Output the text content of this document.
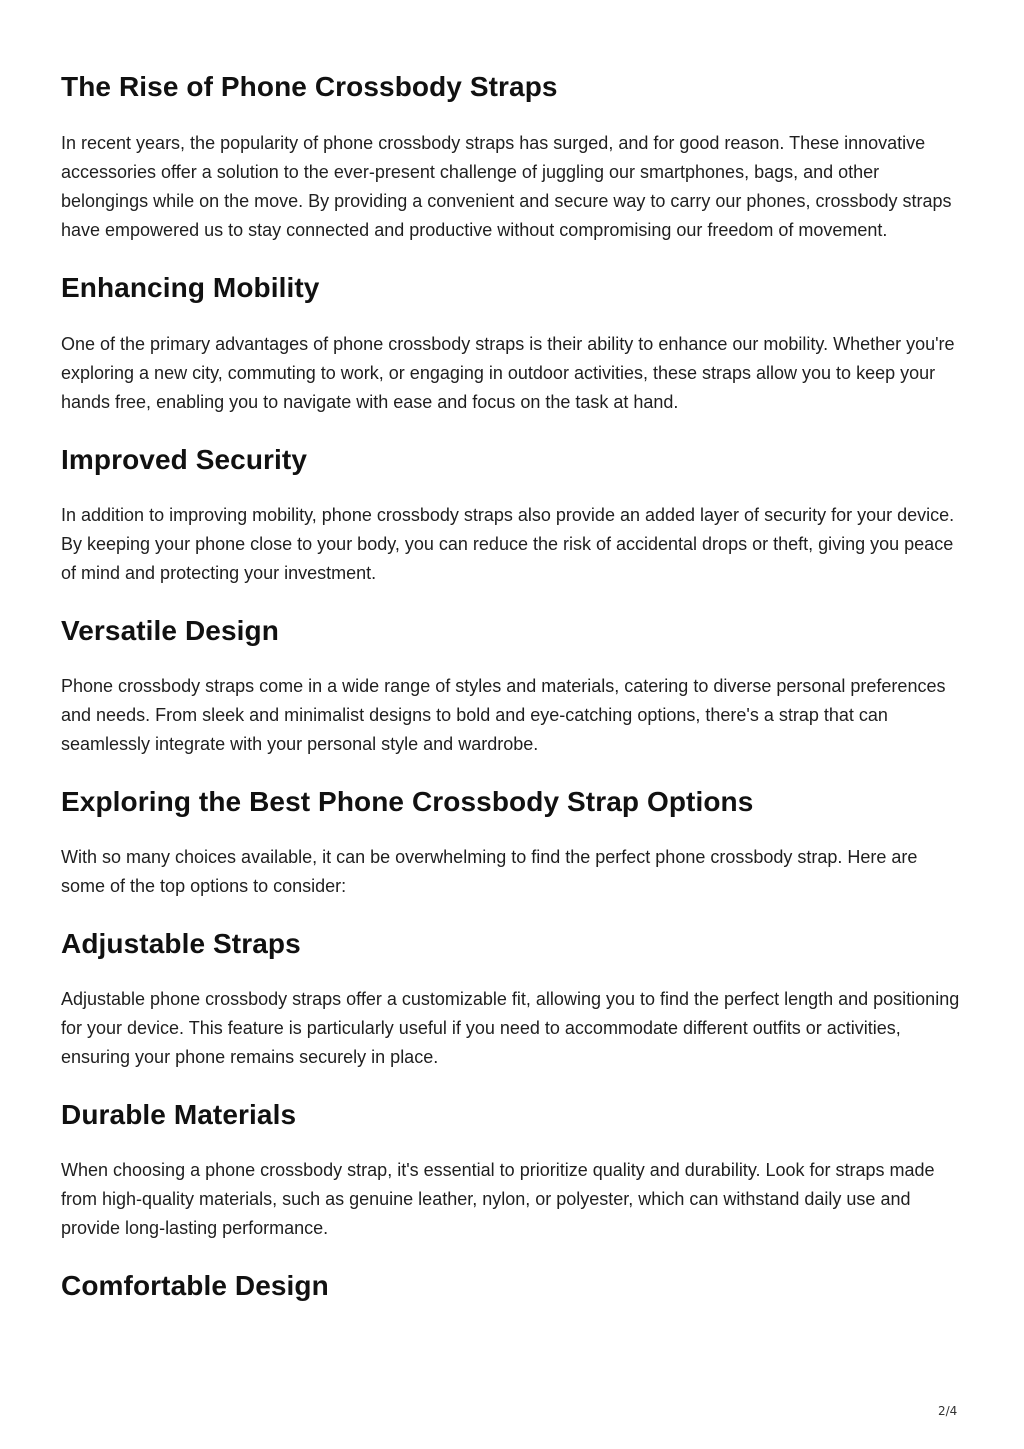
The Rise of Phone Crossbody Straps

In recent years, the popularity of phone crossbody straps has surged, and for good reason. These innovative accessories offer a solution to the ever-present challenge of juggling our smartphones, bags, and other belongings while on the move. By providing a convenient and secure way to carry our phones, crossbody straps have empowered us to stay connected and productive without compromising our freedom of movement.

Enhancing Mobility

One of the primary advantages of phone crossbody straps is their ability to enhance our mobility. Whether you're exploring a new city, commuting to work, or engaging in outdoor activities, these straps allow you to keep your hands free, enabling you to navigate with ease and focus on the task at hand.

Improved Security

In addition to improving mobility, phone crossbody straps also provide an added layer of security for your device. By keeping your phone close to your body, you can reduce the risk of accidental drops or theft, giving you peace of mind and protecting your investment.

Versatile Design

Phone crossbody straps come in a wide range of styles and materials, catering to diverse personal preferences and needs. From sleek and minimalist designs to bold and eye-catching options, there's a strap that can seamlessly integrate with your personal style and wardrobe.

Exploring the Best Phone Crossbody Strap Options

With so many choices available, it can be overwhelming to find the perfect phone crossbody strap. Here are some of the top options to consider:

Adjustable Straps

Adjustable phone crossbody straps offer a customizable fit, allowing you to find the perfect length and positioning for your device. This feature is particularly useful if you need to accommodate different outfits or activities, ensuring your phone remains securely in place.

Durable Materials

When choosing a phone crossbody strap, it's essential to prioritize quality and durability. Look for straps made from high-quality materials, such as genuine leather, nylon, or polyester, which can withstand daily use and provide long-lasting performance.

Comfortable Design
2/4
